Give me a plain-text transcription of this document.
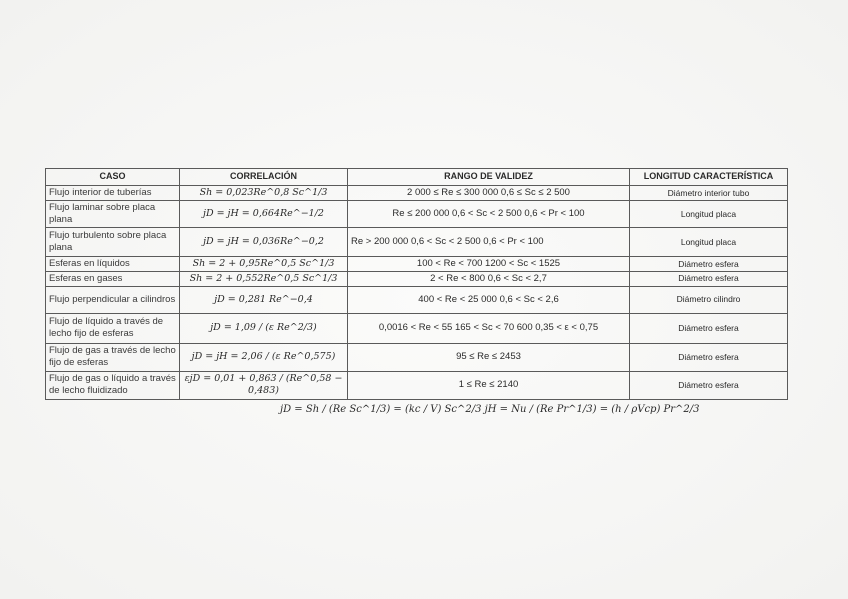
CASO	CORRELACIÓN	RANGO DE VALIDEZ	LONGITUD CARACTERÍSTICA
Flujo interior de tuberías	Sh = 0,023Re^0,8 Sc^1/3	2 000 ≤ Re ≤ 300 000 0,6 ≤ Sc ≤ 2 500	Diámetro interior tubo
Flujo laminar sobre placa plana	jD = jH = 0,664Re^−1/2	Re ≤ 200 000 0,6 < Sc < 2 500 0,6 < Pr < 100	Longitud placa
Flujo turbulento sobre placa plana	jD = jH = 0,036Re^−0,2	Re > 200 000 0,6 < Sc < 2 500 0,6 < Pr < 100	Longitud placa
Esferas en líquidos	Sh = 2 + 0,95Re^0,5 Sc^1/3	100 < Re < 700 1200 < Sc < 1525	Diámetro esfera
Esferas en gases	Sh = 2 + 0,552Re^0,5 Sc^1/3	2 < Re < 800 0,6 < Sc < 2,7	Diámetro esfera
Flujo perpendicular a cilindros	jD = 0,281 Re^−0,4	400 < Re < 25 000 0,6 < Sc < 2,6	Diámetro cilindro
Flujo de líquido a través de lecho fijo de esferas	jD = 1,09 / (ε Re^2/3)	0,0016 < Re < 55 165 < Sc < 70 600 0,35 < ε < 0,75	Diámetro esfera
Flujo de gas a través de lecho fijo de esferas	jD = jH = 2,06 / (ε Re^0,575)	95 ≤ Re ≤ 2453	Diámetro esfera
Flujo de gas o líquido a través de lecho fluidizado	εjD = 0,01 + 0,863 / (Re^0,58 − 0,483)	1 ≤ Re ≤ 2140	Diámetro esfera
jD = Sh / (Re Sc^1/3) = (kc / V) Sc^2/3 jH = Nu / (Re Pr^1/3) = (h / ρVcp) Pr^2/3
